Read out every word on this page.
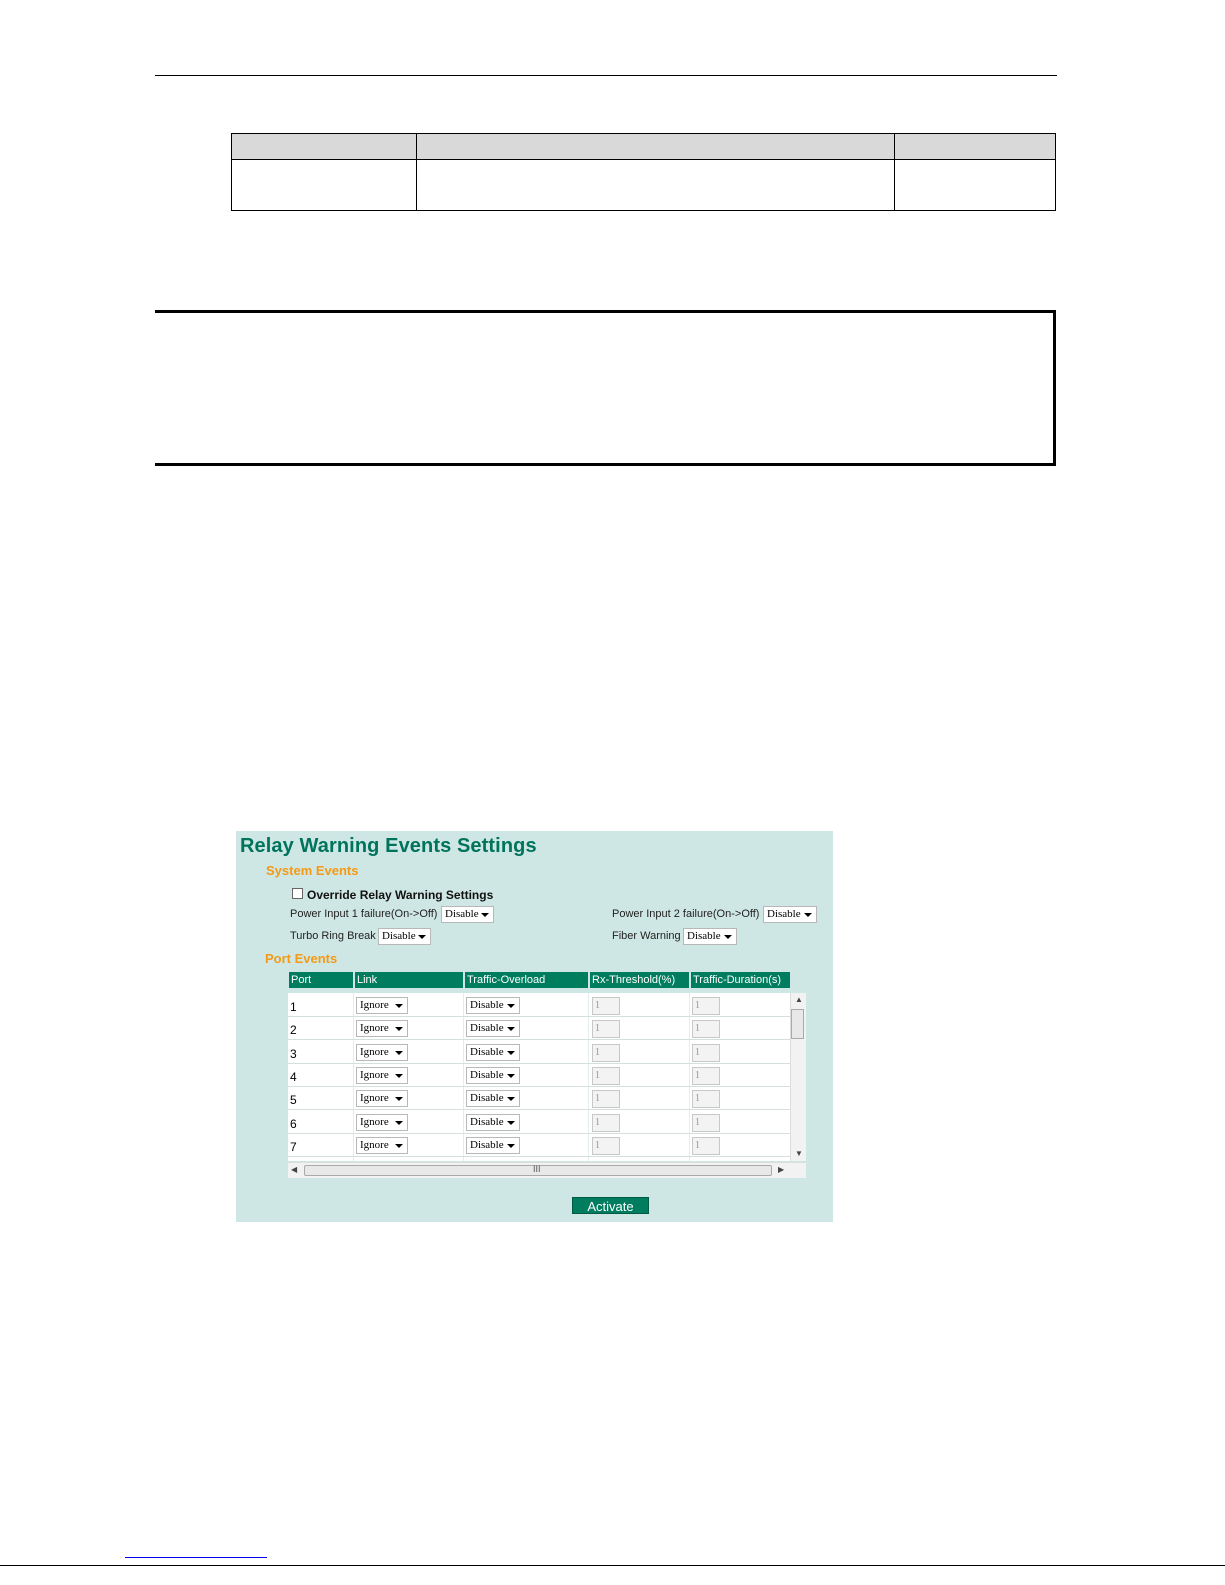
Relay Warning Events Settings
System Events
Override Relay Warning Settings
Power Input 1 failure(On->Off) Disable	Power Input 2 failure(On->Off) Disable
Turbo Ring Break Disable	Fiber Warning Disable
Port Events
Port	Link	Traffic-Overload	Rx-Threshold(%)	Traffic-Duration(s)
1	Ignore	Disable	1	1
2	Ignore	Disable	1	1
3	Ignore	Disable	1	1
4	Ignore	Disable	1	1
5	Ignore	Disable	1	1
6	Ignore	Disable	1	1
7	Ignore	Disable	1	1
▲
▼
◀	III	▶
Activate
